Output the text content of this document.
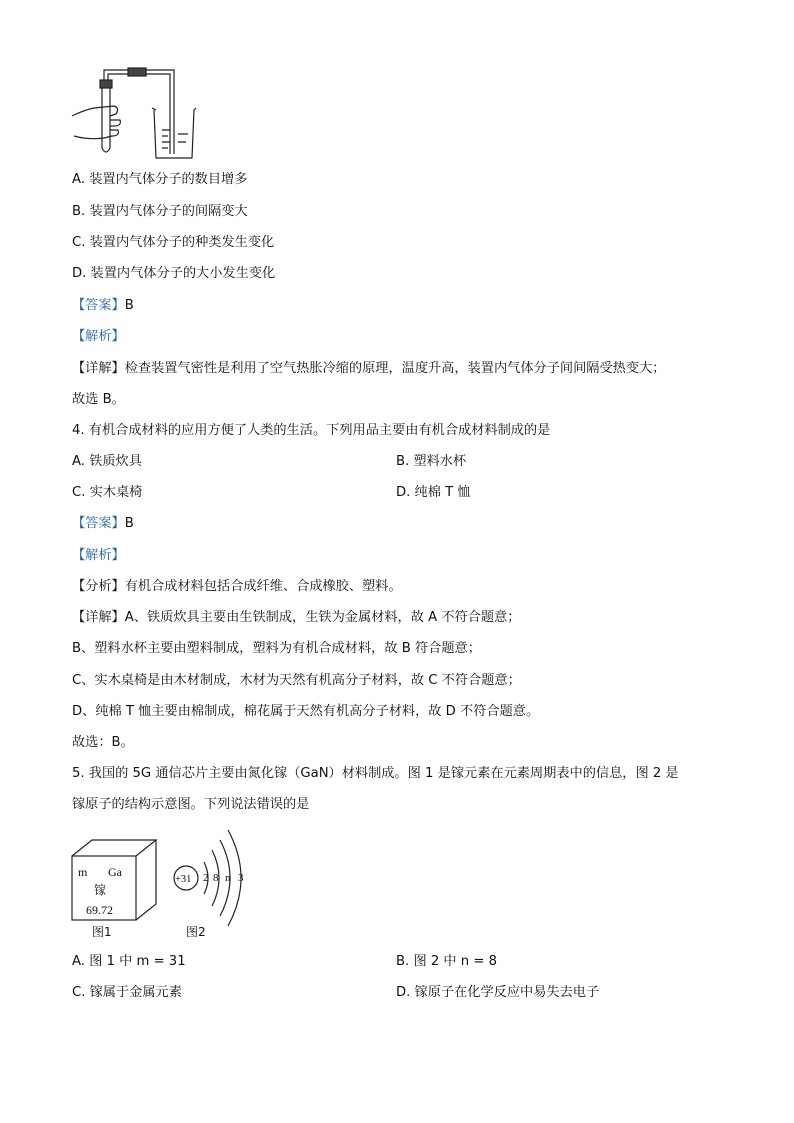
A. 装置内气体分子的数目增多
B. 装置内气体分子的间隔变大
C. 装置内气体分子的种类发生变化
D. 装置内气体分子的大小发生变化
【答案】B
【解析】
【详解】检查装置气密性是利用了空气热胀冷缩的原理，温度升高，装置内气体分子间间隔受热变大；
故选 B。
4. 有机合成材料的应用方便了人类的生活。下列用品主要由有机合成材料制成的是
A. 铁质炊具	B. 塑料水杯
C. 实木桌椅	D. 纯棉 T 恤
【答案】B
【解析】
【分析】有机合成材料包括合成纤维、合成橡胶、塑料。
【详解】A、铁质炊具主要由生铁制成，生铁为金属材料，故 A 不符合题意；
B、塑料水杯主要由塑料制成，塑料为有机合成材料，故 B 符合题意；
C、实木桌椅是由木材制成，木材为天然有机高分子材料，故 C 不符合题意；
D、纯棉 T 恤主要由棉制成，棉花属于天然有机高分子材料，故 D 不符合题意。
故选：B。
5. 我国的 5G 通信芯片主要由氮化镓（GaN）材料制成。图 1 是镓元素在元素周期表中的信息，图 2 是
镓原子的结构示意图。下列说法错误的是
m Ga
镓
69.72
图1
+31 2 8 n 3
图2
A. 图 1 中 m = 31	B. 图 2 中 n = 8
C. 镓属于金属元素	D. 镓原子在化学反应中易失去电子
